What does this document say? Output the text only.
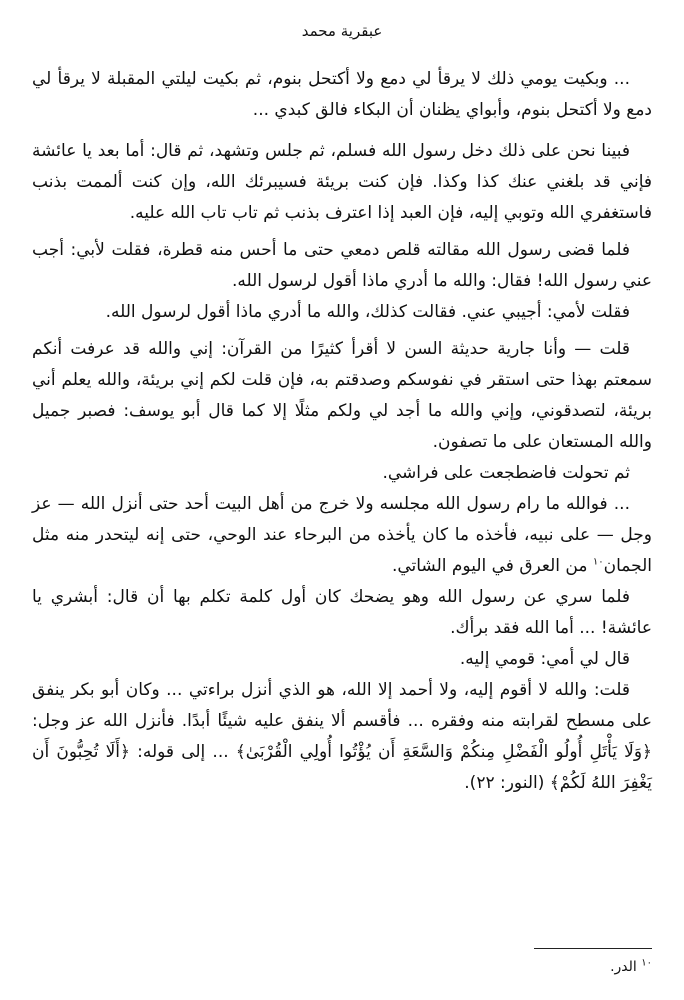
عبقرية محمد

... وبكيت يومي ذلك لا يرقأ لي دمع ولا أكتحل بنوم، ثم بكيت ليلتي المقبلة لا يرقأ لي دمع ولا أكتحل بنوم، وأبواي يظنان أن البكاء فالق كبدي ...

فبينا نحن على ذلك دخل رسول الله فسلم، ثم جلس وتشهد، ثم قال: أما بعد يا عائشة فإني قد بلغني عنك كذا وكذا. فإن كنت بريئة فسيبرئك الله، وإن كنت ألممت بذنب فاستغفري الله وتوبي إليه، فإن العبد إذا اعترف بذنب ثم تاب تاب الله عليه.

فلما قضى رسول الله مقالته قلص دمعي حتى ما أحس منه قطرة، فقلت لأبي: أجب عني رسول الله! فقال: والله ما أدري ماذا أقول لرسول الله.

فقلت لأمي: أجيبي عني. فقالت كذلك، والله ما أدري ماذا أقول لرسول الله.

قلت — وأنا جارية حديثة السن لا أقرأ كثيرًا من القرآن: إني والله قد عرفت أنكم سمعتم بهذا حتى استقر في نفوسكم وصدقتم به، فإن قلت لكم إني بريئة، والله يعلم أني بريئة، لتصدقوني، وإني والله ما أجد لي ولكم مثلًا إلا كما قال أبو يوسف: فصبر جميل والله المستعان على ما تصفون.

ثم تحولت فاضطجعت على فراشي.

... فوالله ما رام رسول الله مجلسه ولا خرج من أهل البيت أحد حتى أنزل الله — عز وجل — على نبيه، فأخذه ما كان يأخذه من البرحاء عند الوحي، حتى إنه ليتحدر منه مثل الجمان$^{١٠}$ من العرق في اليوم الشاتي.

فلما سري عن رسول الله وهو يضحك كان أول كلمة تكلم بها أن قال: أبشري يا عائشة! ... أما الله فقد برأك.

قال لي أمي: قومي إليه.

قلت: والله لا أقوم إليه، ولا أحمد إلا الله، هو الذي أنزل براءتي ... وكان أبو بكر ينفق على مسطح لقرابته منه وفقره ... فأقسم ألا ينفق عليه شيئًا أبدًا. فأنزل الله عز وجل: ﴿وَلَا يَأْتَلِ أُولُو الْفَضْلِ مِنكُمْ وَالسَّعَةِ أَن يُؤْتُوا أُولِي الْقُرْبَىٰ﴾ ... إلى قوله: ﴿أَلَا تُحِبُّونَ أَن يَغْفِرَ اللهُ لَكُمْ﴾ (النور: ٢٢).

$^{١٠}$ الدر.
